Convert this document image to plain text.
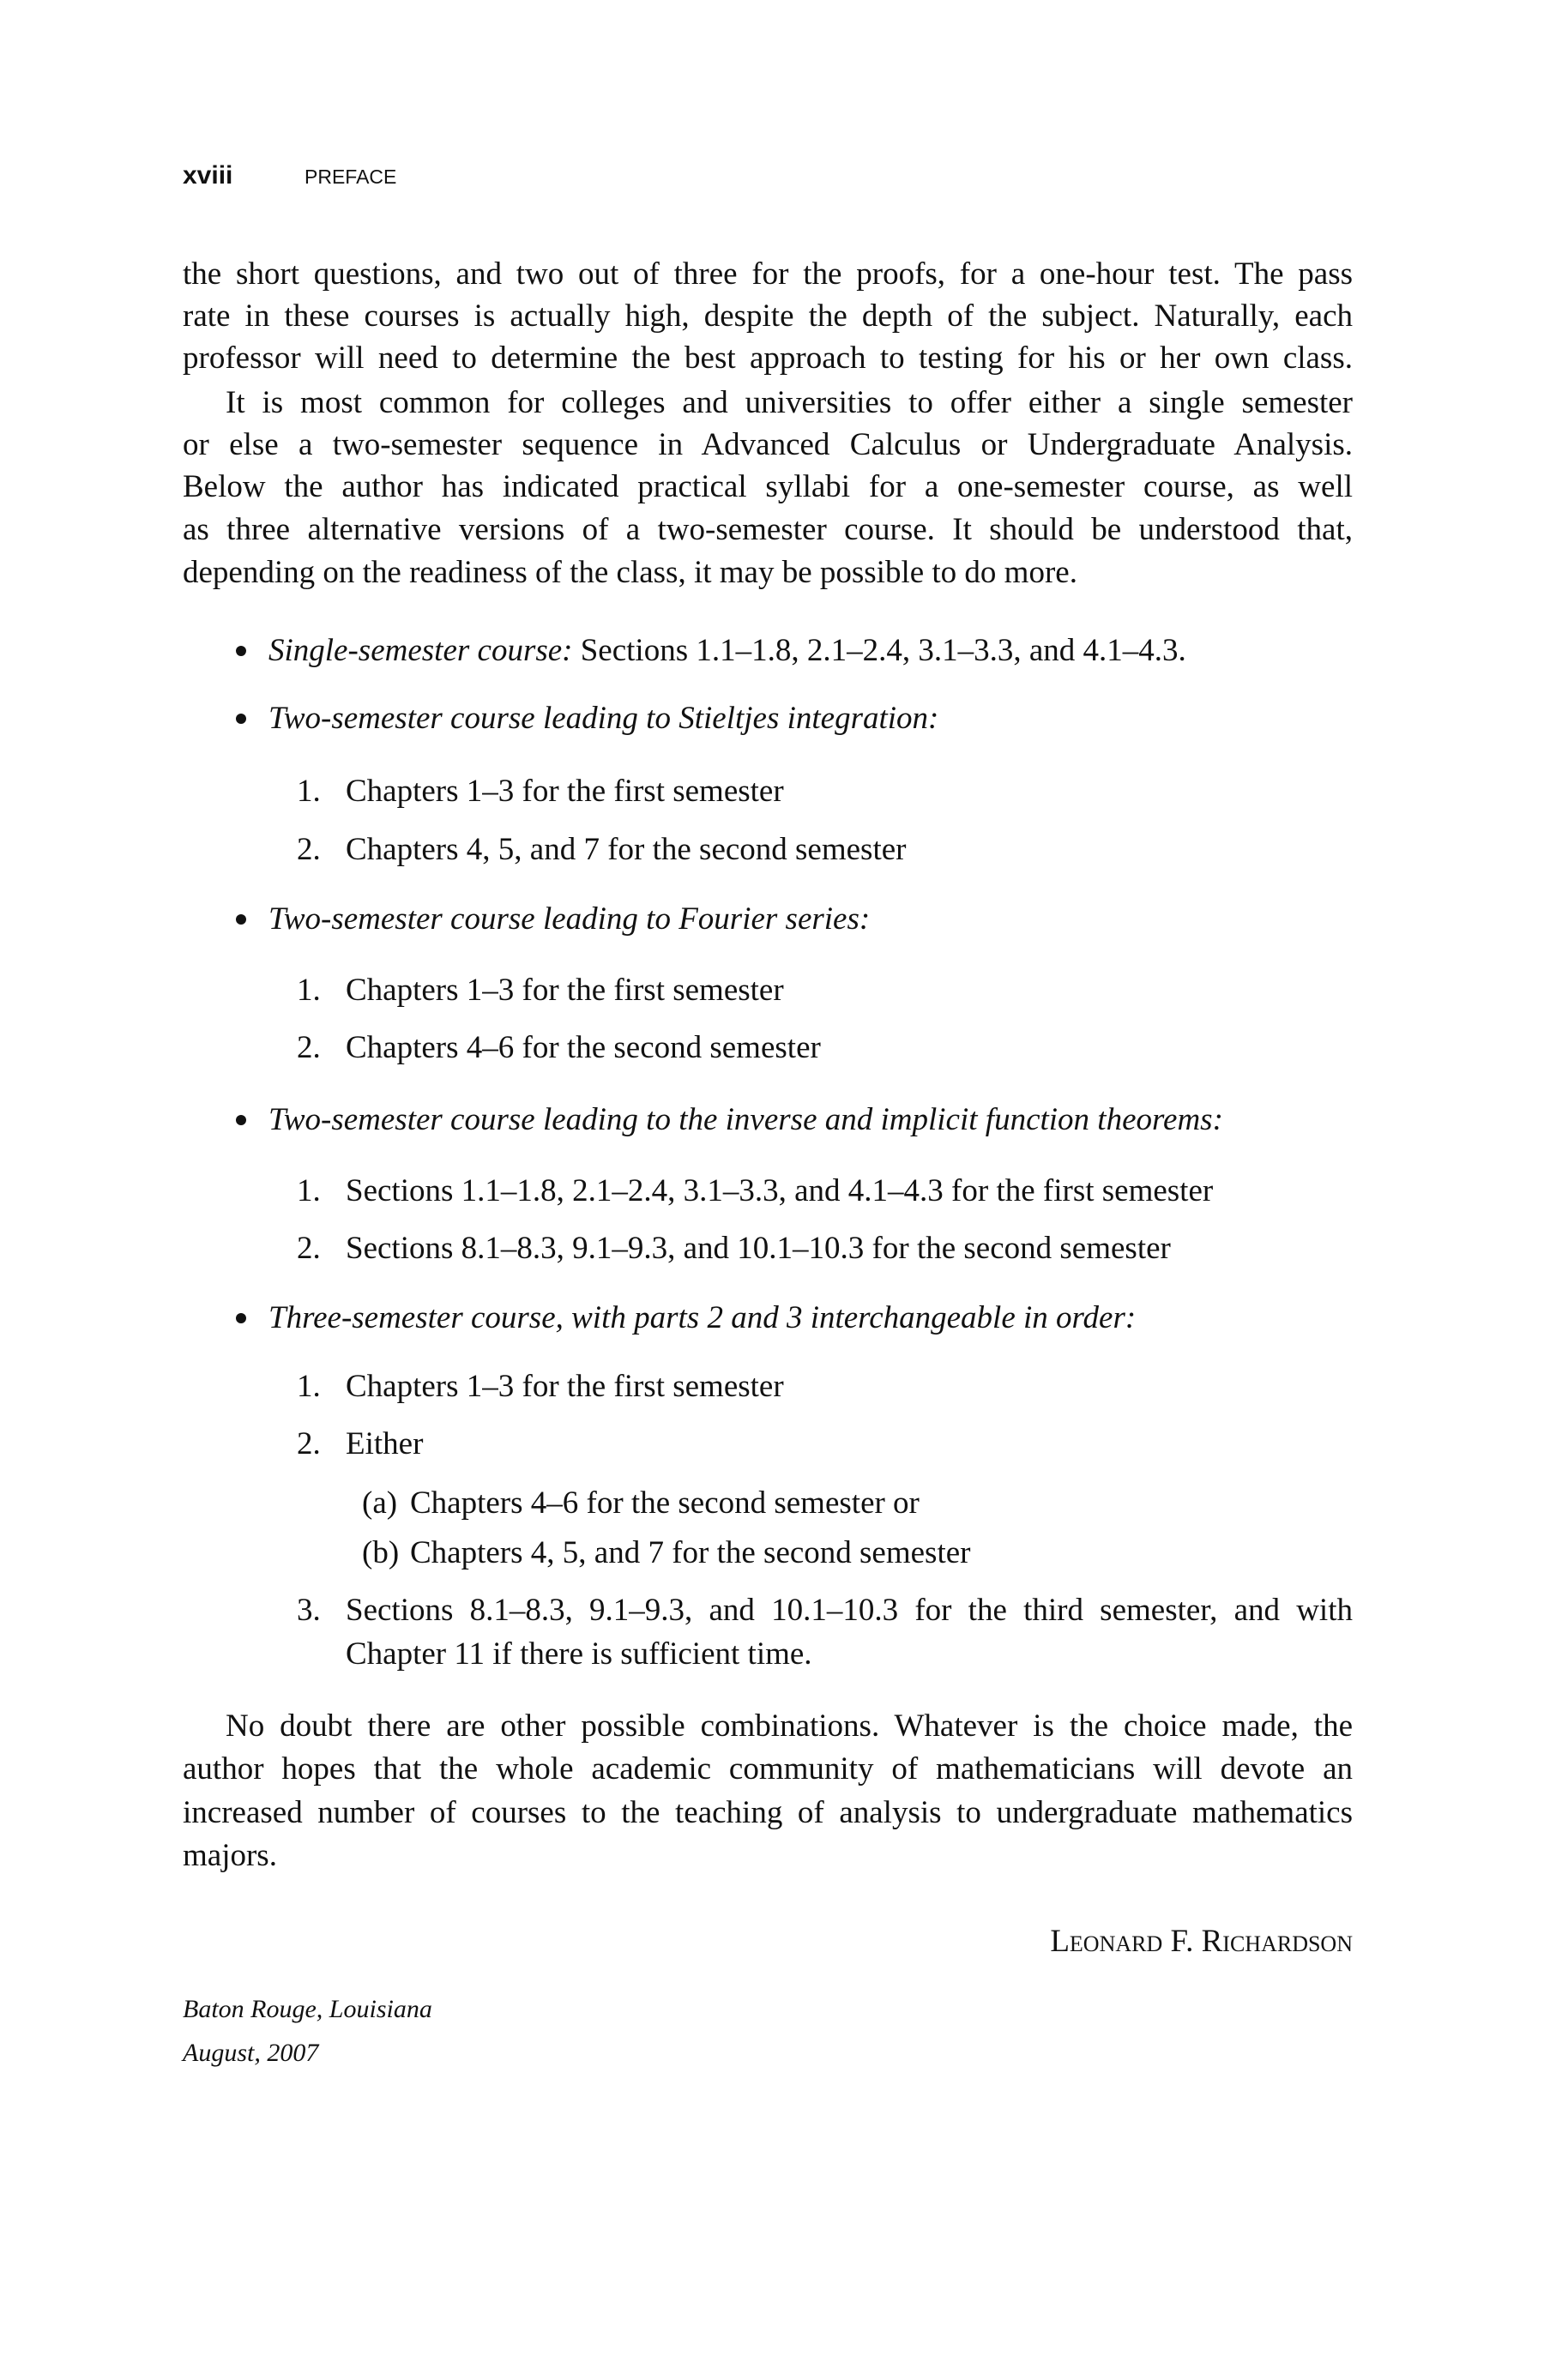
xviii	PREFACE
the short questions, and two out of three for the proofs, for a one-hour test. The pass
rate in these courses is actually high, despite the depth of the subject. Naturally, each
professor will need to determine the best approach to testing for his or her own class.
It is most common for colleges and universities to offer either a single semester
or else a two-semester sequence in Advanced Calculus or Undergraduate Analysis.
Below the author has indicated practical syllabi for a one-semester course, as well
as three alternative versions of a two-semester course. It should be understood that,
depending on the readiness of the class, it may be possible to do more.
Single-semester course: Sections 1.1–1.8, 2.1–2.4, 3.1–3.3, and 4.1–4.3.
Two-semester course leading to Stieltjes integration:
1. Chapters 1–3 for the first semester
2. Chapters 4, 5, and 7 for the second semester
Two-semester course leading to Fourier series:
1. Chapters 1–3 for the first semester
2. Chapters 4–6 for the second semester
Two-semester course leading to the inverse and implicit function theorems:
1. Sections 1.1–1.8, 2.1–2.4, 3.1–3.3, and 4.1–4.3 for the first semester
2. Sections 8.1–8.3, 9.1–9.3, and 10.1–10.3 for the second semester
Three-semester course, with parts 2 and 3 interchangeable in order:
1. Chapters 1–3 for the first semester
2. Either
(a) Chapters 4–6 for the second semester or
(b) Chapters 4, 5, and 7 for the second semester
3. Sections 8.1–8.3, 9.1–9.3, and 10.1–10.3 for the third semester, and with
Chapter 11 if there is sufficient time.
No doubt there are other possible combinations. Whatever is the choice made, the
author hopes that the whole academic community of mathematicians will devote an
increased number of courses to the teaching of analysis to undergraduate mathematics
majors.
Leonard F. Richardson
Baton Rouge, Louisiana
August, 2007
